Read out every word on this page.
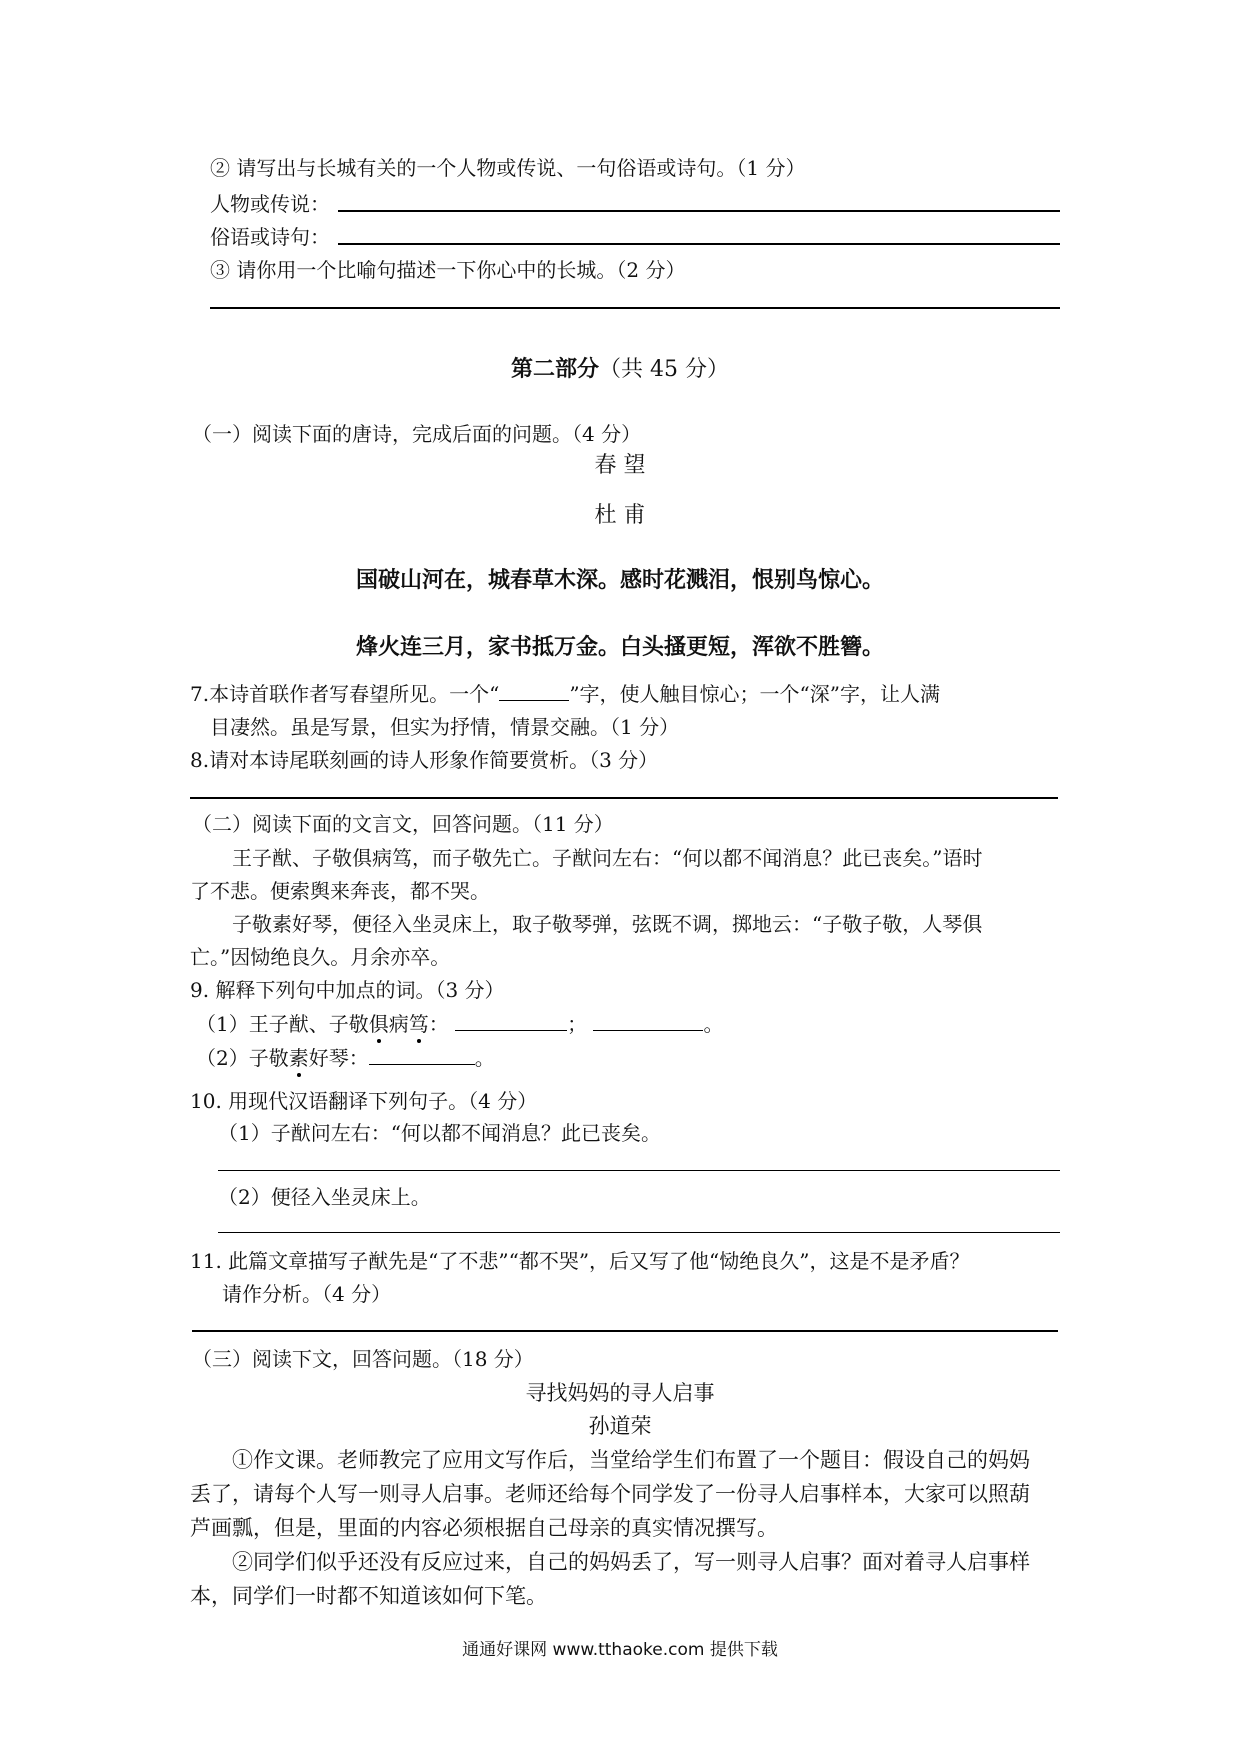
② 请写出与长城有关的一个人物或传说、一句俗语或诗句。（1 分）
人物或传说：
俗语或诗句：
③ 请你用一个比喻句描述一下你心中的长城。（2 分）
第二部分（共 45 分）
（一）阅读下面的唐诗，完成后面的问题。（4 分）
春 望
杜 甫
国破山河在，城春草木深。感时花溅泪，恨别鸟惊心。
烽火连三月，家书抵万金。白头搔更短，浑欲不胜簪。
7.本诗首联作者写春望所见。一个“	”字，使人触目惊心；一个“深”字，让人满
目凄然。虽是写景，但实为抒情，情景交融。（1 分）
8.请对本诗尾联刻画的诗人形象作简要赏析。（3 分）
（二）阅读下面的文言文，回答问题。（11 分）
王子猷、子敬俱病笃，而子敬先亡。子猷问左右：“何以都不闻消息？此已丧矣。”语时
了不悲。便索舆来奔丧，都不哭。
子敬素好琴，便径入坐灵床上，取子敬琴弹，弦既不调，掷地云：“子敬子敬，人琴俱
亡。”因恸绝良久。月余亦卒。
9. 解释下列句中加点的词。（3 分）
（1）王子猷、子敬俱病笃：	；	。
（2）子敬素好琴：	。
10. 用现代汉语翻译下列句子。（4 分）
（1）子猷问左右：“何以都不闻消息？此已丧矣。
（2）便径入坐灵床上。
11. 此篇文章描写子猷先是“了不悲”“都不哭”，后又写了他“恸绝良久”，这是不是矛盾？
请作分析。（4 分）
（三）阅读下文，回答问题。（18 分）
寻找妈妈的寻人启事
孙道荣
①作文课。老师教完了应用文写作后，当堂给学生们布置了一个题目：假设自己的妈妈
丢了，请每个人写一则寻人启事。老师还给每个同学发了一份寻人启事样本，大家可以照葫
芦画瓢，但是，里面的内容必须根据自己母亲的真实情况撰写。
②同学们似乎还没有反应过来，自己的妈妈丢了，写一则寻人启事？面对着寻人启事样
本，同学们一时都不知道该如何下笔。
通通好课网 www.tthaoke.com 提供下载
